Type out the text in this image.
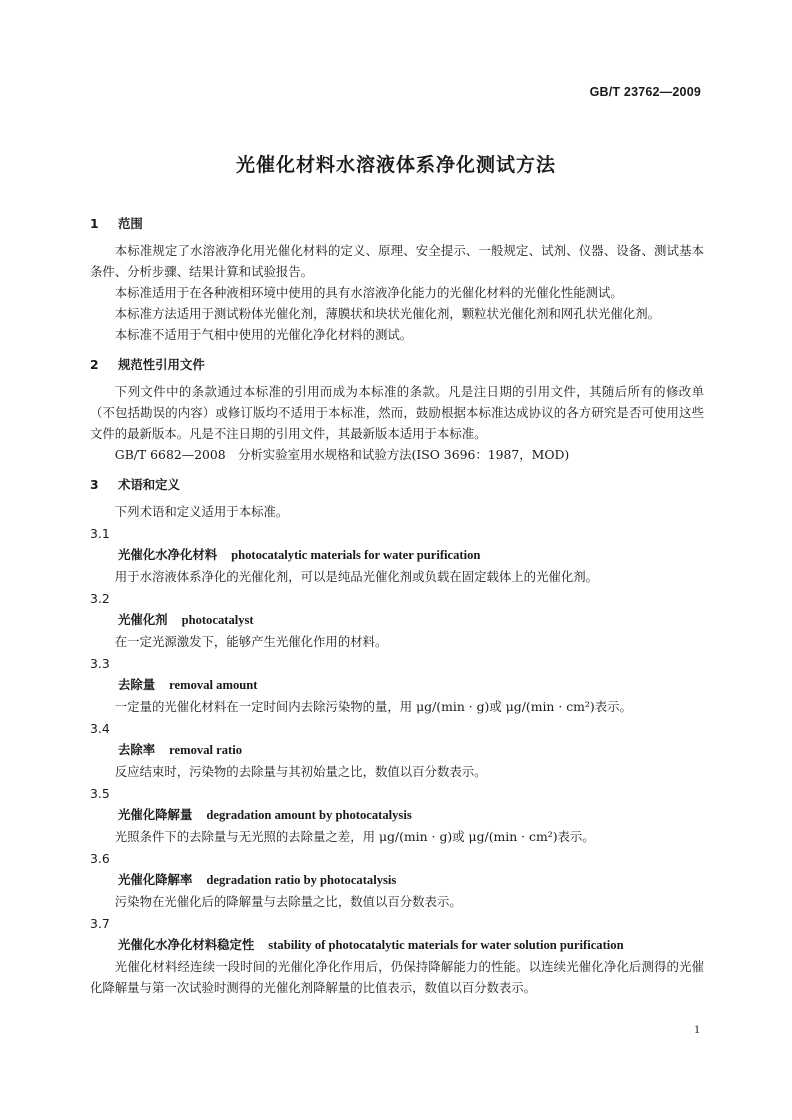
GB/T 23762—2009
光催化材料水溶液体系净化测试方法
1 范围
本标准规定了水溶液净化用光催化材料的定义、原理、安全提示、一般规定、试剂、仪器、设备、测试基本条件、分析步骤、结果计算和试验报告。
本标准适用于在各种液相环境中使用的具有水溶液净化能力的光催化材料的光催化性能测试。
本标准方法适用于测试粉体光催化剂，薄膜状和块状光催化剂，颗粒状光催化剂和网孔状光催化剂。
本标准不适用于气相中使用的光催化净化材料的测试。
2 规范性引用文件
下列文件中的条款通过本标准的引用而成为本标准的条款。凡是注日期的引用文件，其随后所有的修改单（不包括勘误的内容）或修订版均不适用于本标准，然而，鼓励根据本标准达成协议的各方研究是否可使用这些文件的最新版本。凡是不注日期的引用文件，其最新版本适用于本标准。
GB/T 6682—2008　分析实验室用水规格和试验方法(ISO 3696：1987，MOD)
3 术语和定义
下列术语和定义适用于本标准。
3.1
光催化水净化材料 photocatalytic materials for water purification
用于水溶液体系净化的光催化剂，可以是纯品光催化剂或负载在固定载体上的光催化剂。
3.2
光催化剂 photocatalyst
在一定光源激发下，能够产生光催化作用的材料。
3.3
去除量 removal amount
一定量的光催化材料在一定时间内去除污染物的量，用 μg/(min · g)或 μg/(min · cm²)表示。
3.4
去除率 removal ratio
反应结束时，污染物的去除量与其初始量之比，数值以百分数表示。
3.5
光催化降解量 degradation amount by photocatalysis
光照条件下的去除量与无光照的去除量之差，用 μg/(min · g)或 μg/(min · cm²)表示。
3.6
光催化降解率 degradation ratio by photocatalysis
污染物在光催化后的降解量与去除量之比，数值以百分数表示。
3.7
光催化水净化材料稳定性 stability of photocatalytic materials for water solution purification
光催化材料经连续一段时间的光催化净化作用后，仍保持降解能力的性能。以连续光催化净化后测得的光催化降解量与第一次试验时测得的光催化剂降解量的比值表示，数值以百分数表示。
1
